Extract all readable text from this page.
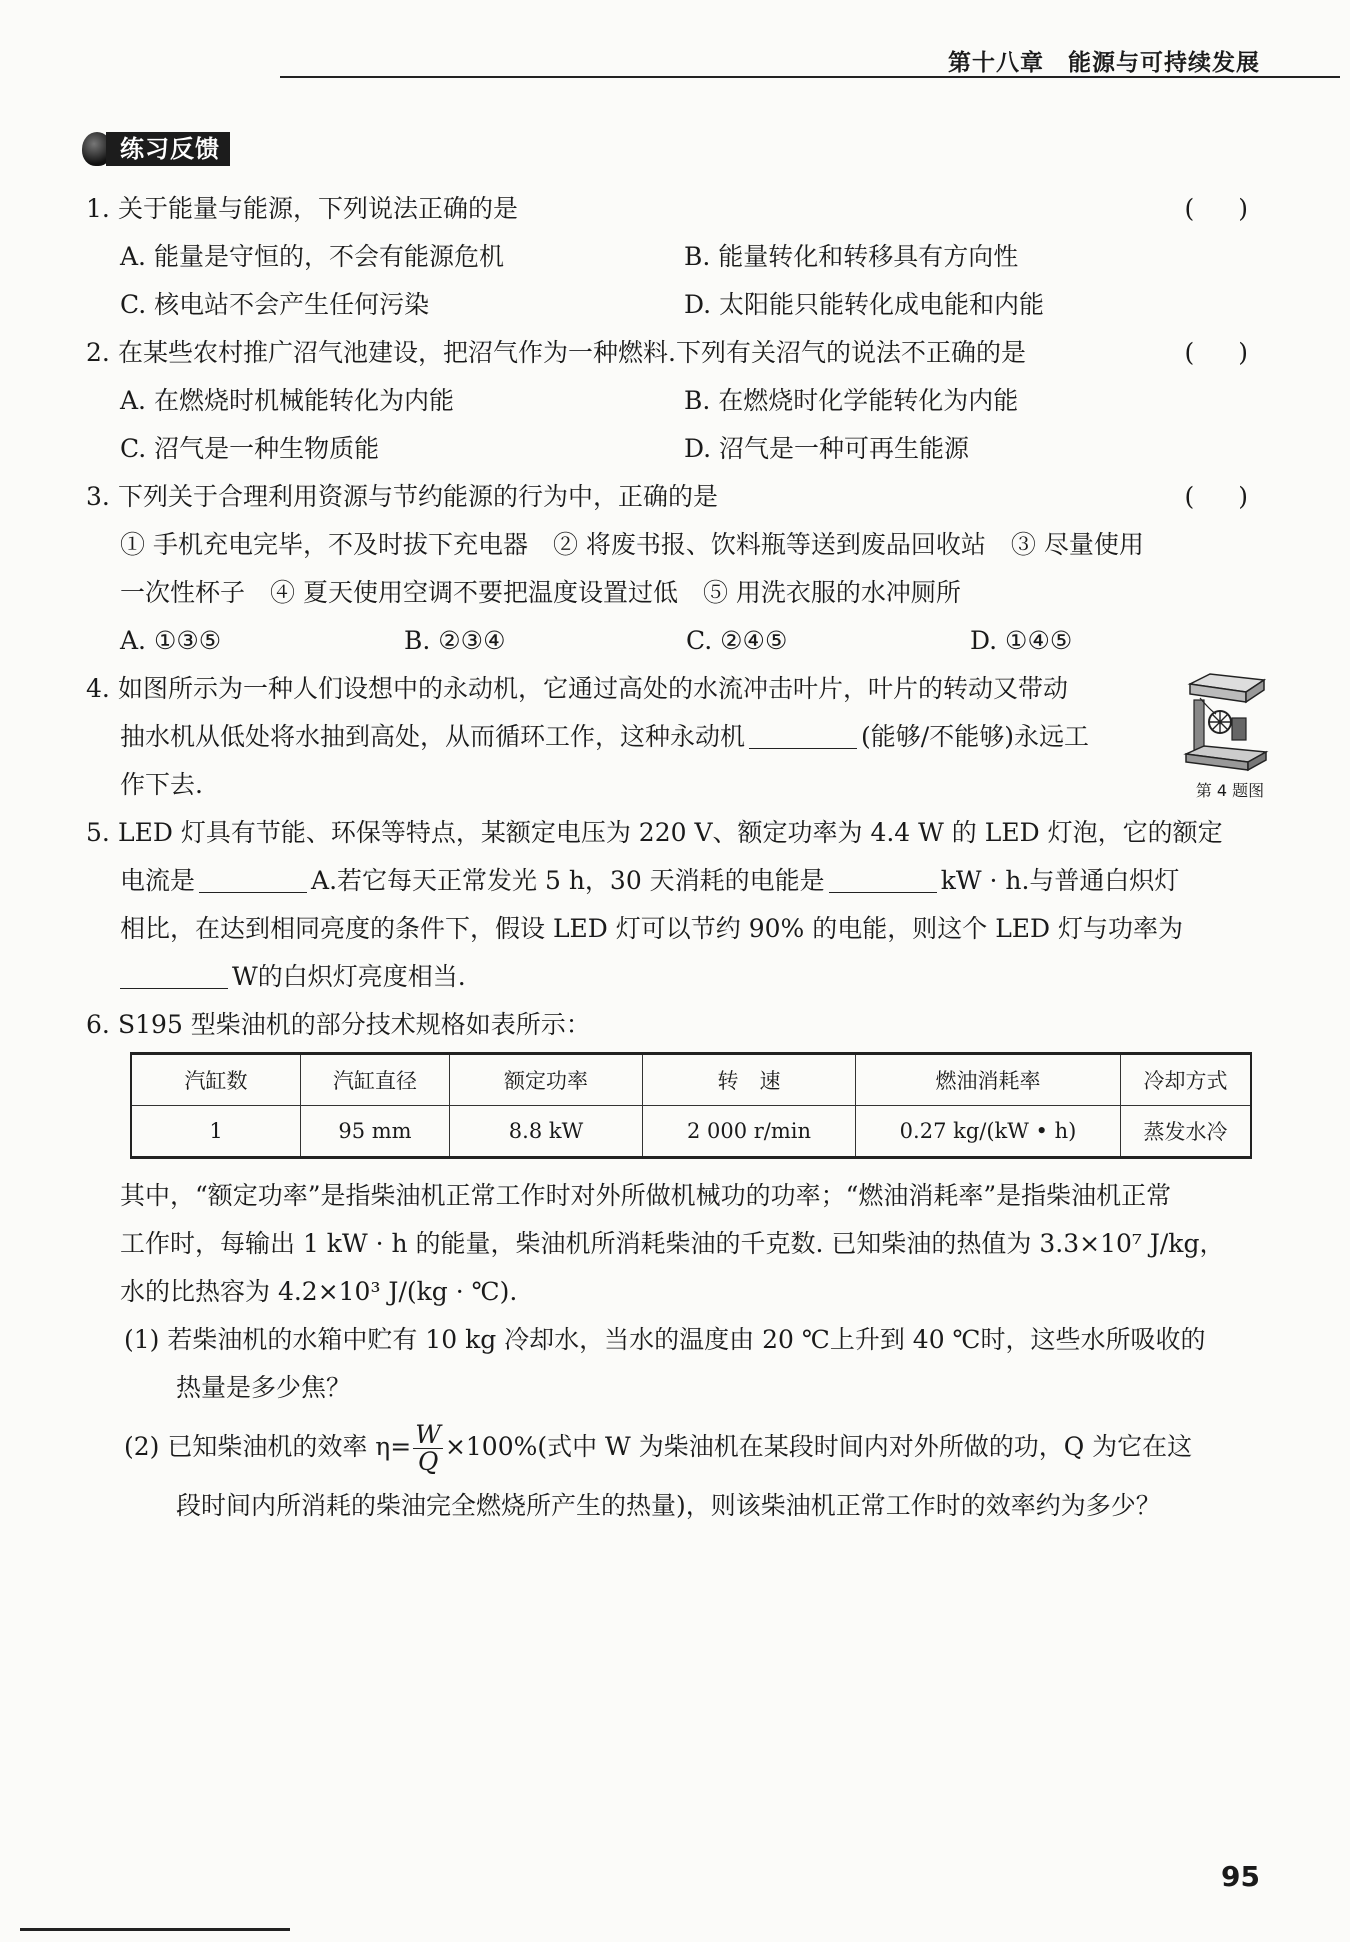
第十八章　能源与可持续发展
练习反馈
1. 关于能量与能源，下列说法正确的是	( )
A. 能量是守恒的，不会有能源危机	B. 能量转化和转移具有方向性
C. 核电站不会产生任何污染	D. 太阳能只能转化成电能和内能
2. 在某些农村推广沼气池建设，把沼气作为一种燃料.下列有关沼气的说法不正确的是	( )
A. 在燃烧时机械能转化为内能	B. 在燃烧时化学能转化为内能
C. 沼气是一种生物质能	D. 沼气是一种可再生能源
3. 下列关于合理利用资源与节约能源的行为中，正确的是	( )
① 手机充电完毕，不及时拔下充电器　② 将废书报、饮料瓶等送到废品回收站　③ 尽量使用
一次性杯子　④ 夏天使用空调不要把温度设置过低　⑤ 用洗衣服的水冲厕所
A. ①③⑤	B. ②③④	C. ②④⑤	D. ①④⑤
4. 如图所示为一种人们设想中的永动机，它通过高处的水流冲击叶片，叶片的转动又带动
抽水机从低处将水抽到高处，从而循环工作，这种永动机	(能够/不能够)永远工
作下去.
5. LED 灯具有节能、环保等特点，某额定电压为 220 V、额定功率为 4.4 W 的 LED 灯泡，它的额定
电流是	A.若它每天正常发光 5 h，30 天消耗的电能是	kW · h.与普通白炽灯
相比，在达到相同亮度的条件下，假设 LED 灯可以节约 90% 的电能，则这个 LED 灯与功率为
W的白炽灯亮度相当.
6. S195 型柴油机的部分技术规格如表所示：
第 4 题图
汽缸数	汽缸直径	额定功率	转　速	燃油消耗率	冷却方式
1	95 mm	8.8 kW	2 000 r/min	0.27 kg/(kW • h)	蒸发水冷
其中，“额定功率”是指柴油机正常工作时对外所做机械功的功率；“燃油消耗率”是指柴油机正常
工作时，每输出 1 kW · h 的能量，柴油机所消耗柴油的千克数. 已知柴油的热值为 3.3×10⁷ J/kg，
水的比热容为 4.2×10³ J/(kg · ℃).
(1) 若柴油机的水箱中贮有 10 kg 冷却水，当水的温度由 20 ℃上升到 40 ℃时，这些水所吸收的
热量是多少焦？
(2) 已知柴油机的效率 $\eta= \frac{W}{Q} \times 100\%$(式中 W 为柴油机在某段时间内对外所做的功，Q 为它在这
段时间内所消耗的柴油完全燃烧所产生的热量)，则该柴油机正常工作时的效率约为多少？
95
